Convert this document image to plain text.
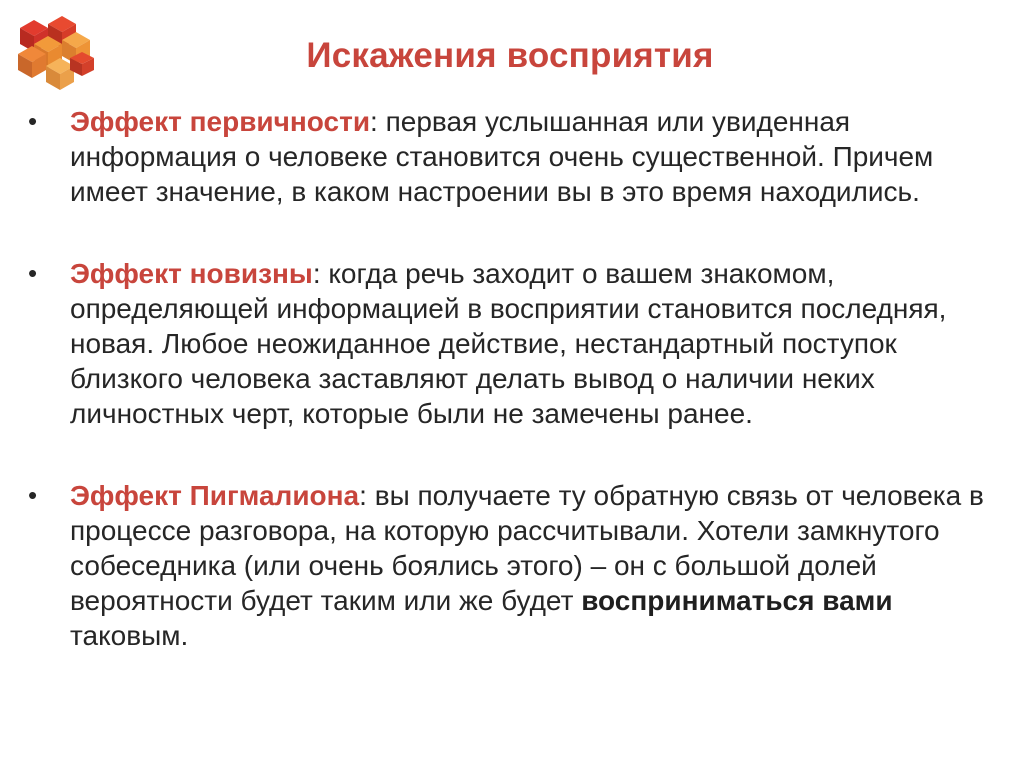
Искажения восприятия
• Эффект первичности: первая услышанная или увиденная информация о человеке становится очень существенной. Причем имеет значение, в каком настроении вы в это время находились.
• Эффект новизны: когда речь заходит о вашем знакомом, определяющей информацией в восприятии становится последняя, новая. Любое неожиданное действие, нестандартный поступок близкого человека заставляют делать вывод о наличии неких личностных черт, которые были не замечены ранее.
• Эффект Пигмалиона: вы получаете ту обратную связь от человека в процессе разговора, на которую рассчитывали. Хотели замкнутого собеседника (или очень боялись этого) – он с большой долей вероятности будет таким или же будет восприниматься вами таковым.
